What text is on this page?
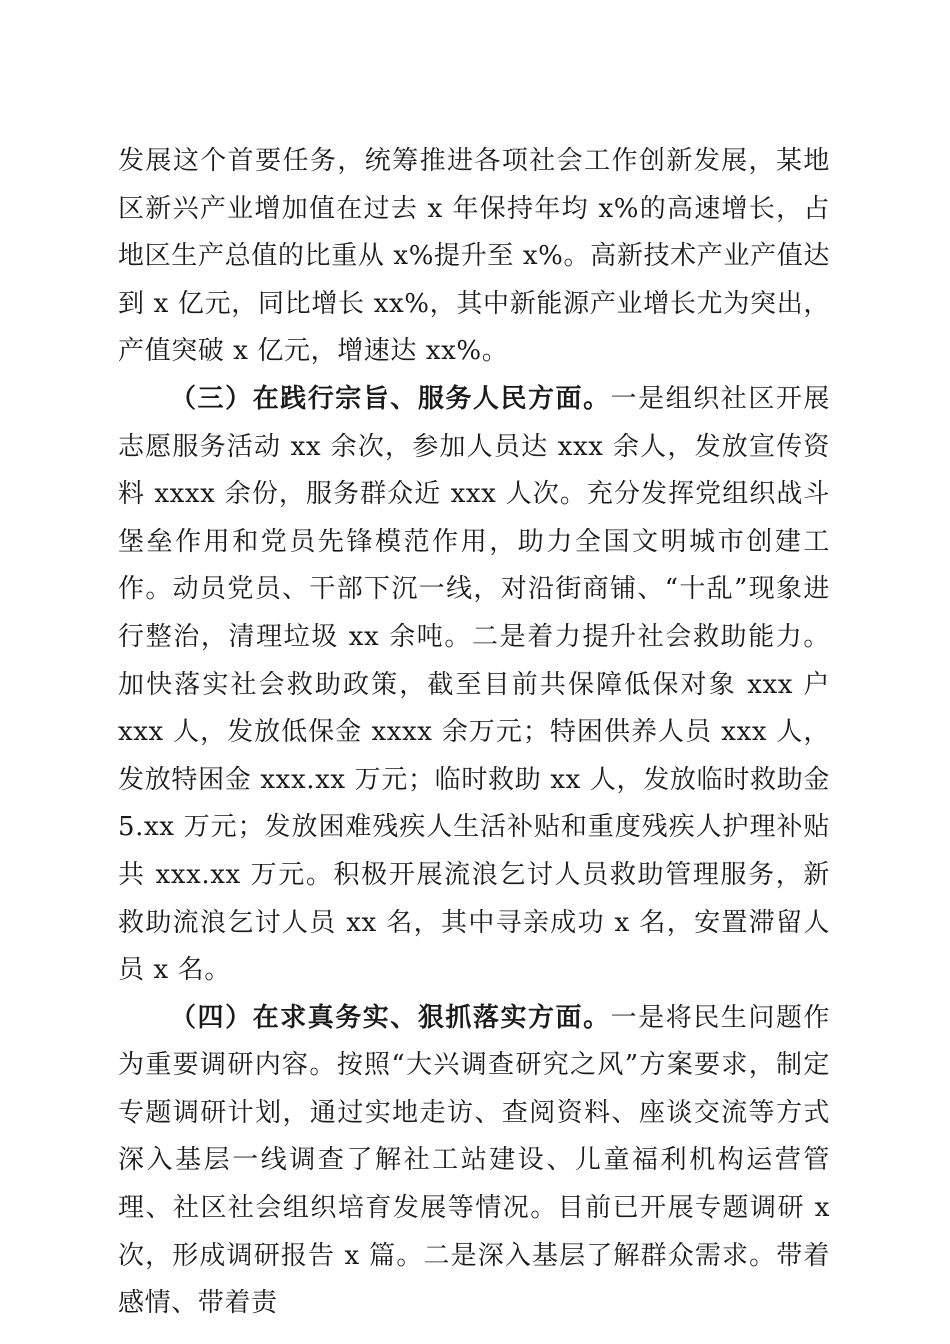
发展这个首要任务，统筹推进各项社会工作创新发展，某地区新兴产业增加值在过去 x 年保持年均 x%的高速增长，占地区生产总值的比重从 x%提升至 x%。高新技术产业产值达到 x 亿元，同比增长 xx%，其中新能源产业增长尤为突出，产值突破 x 亿元，增速达 xx%。

（三）在践行宗旨、服务人民方面。一是组织社区开展志愿服务活动 xx 余次，参加人员达 xxx 余人，发放宣传资料 xxxx 余份，服务群众近 xxx 人次。充分发挥党组织战斗堡垒作用和党员先锋模范作用，助力全国文明城市创建工作。动员党员、干部下沉一线，对沿街商铺、“十乱”现象进行整治，清理垃圾 xx 余吨。二是着力提升社会救助能力。加快落实社会救助政策，截至目前共保障低保对象 xxx 户 xxx 人，发放低保金 xxxx 余万元；特困供养人员 xxx 人，发放特困金 xxx.xx 万元；临时救助 xx 人，发放临时救助金 5.xx 万元；发放困难残疾人生活补贴和重度残疾人护理补贴共 xxx.xx 万元。积极开展流浪乞讨人员救助管理服务，新救助流浪乞讨人员 xx 名，其中寻亲成功 x 名，安置滞留人员 x 名。

（四）在求真务实、狠抓落实方面。一是将民生问题作为重要调研内容。按照“大兴调查研究之风”方案要求，制定专题调研计划，通过实地走访、查阅资料、座谈交流等方式深入基层一线调查了解社工站建设、儿童福利机构运营管理、社区社会组织培育发展等情况。目前已开展专题调研 x 次，形成调研报告 x 篇。二是深入基层了解群众需求。带着感情、带着责
